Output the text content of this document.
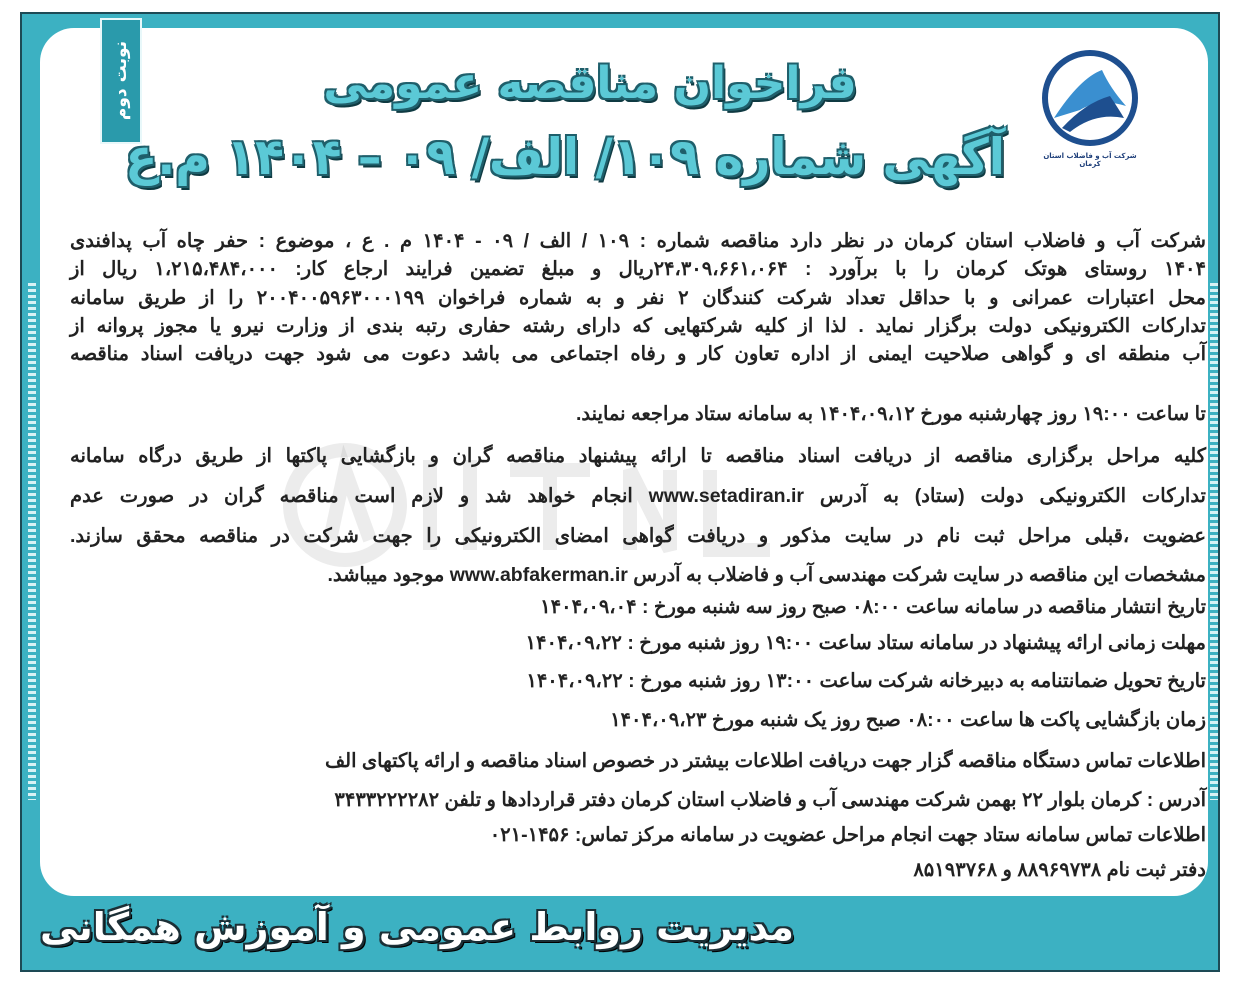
نوبت دوم
شرکت آب و فاضلاب استان کرمان
فراخوان مناقصه عمومی
آگهی شماره ۱۰۹/ الف/ ۰۹ – ۱۴۰۴ م.ع
شرکت آب و فاضلاب استان کرمان در نظر دارد مناقصه شماره : ۱۰۹ / الف / ۰۹ - ۱۴۰۴ م . ع ، موضوع : حفر چاه آب پدافندی
۱۴۰۴ روستای هوتک کرمان را با برآورد : ۲۴،۳۰۹،۶۶۱،۰۶۴ریال و مبلغ تضمین فرایند ارجاع کار: ۱،۲۱۵،۴۸۴،۰۰۰ ریال از
محل اعتبارات عمرانی و با حداقل تعداد شرکت کنندگان ۲ نفر و به شماره فراخوان ۲۰۰۴۰۰۵۹۶۳۰۰۰۱۹۹ را از طریق سامانه
تدارکات الکترونیکی دولت برگزار نماید . لذا از کلیه شرکتهایی که دارای رشته حفاری رتبه بندی از وزارت نیرو یا مجوز پروانه از
آب منطقه ای و گواهی صلاحیت ایمنی از اداره تعاون کار و رفاه اجتماعی می باشد دعوت می شود جهت دریافت اسناد مناقصه
تا ساعت ۱۹:۰۰ روز چهارشنبه مورخ ۱۴۰۴،۰۹،۱۲ به سامانه ستاد مراجعه نمایند.
کلیه مراحل برگزاری مناقصه از دریافت اسناد مناقصه تا ارائه پیشنهاد مناقصه گران و بازگشایی پاکتها از طریق درگاه سامانه
تدارکات الکترونیکی دولت (ستاد) به آدرس www.setadiran.ir انجام خواهد شد و لازم است مناقصه گران در صورت عدم
عضویت ،قبلی مراحل ثبت نام در سایت مذکور و دریافت گواهی امضای الکترونیکی را جهت شرکت در مناقصه محقق سازند.
مشخصات این مناقصه در سایت شرکت مهندسی آب و فاضلاب به آدرس www.abfakerman.ir موجود میباشد.
تاریخ انتشار مناقصه در سامانه ساعت ۰۸:۰۰ صبح روز سه شنبه مورخ : ۱۴۰۴،۰۹،۰۴
مهلت زمانی ارائه پیشنهاد در سامانه ستاد ساعت ۱۹:۰۰ روز شنبه مورخ : ۱۴۰۴،۰۹،۲۲
تاریخ تحویل ضمانتنامه به دبیرخانه شرکت ساعت ۱۳:۰۰ روز شنبه مورخ : ۱۴۰۴،۰۹،۲۲
زمان بازگشایی پاکت ها ساعت ۰۸:۰۰ صبح روز یک شنبه مورخ ۱۴۰۴،۰۹،۲۳
اطلاعات تماس دستگاه مناقصه گزار جهت دریافت اطلاعات بیشتر در خصوص اسناد مناقصه و ارائه پاکتهای الف
آدرس : کرمان بلوار ۲۲ بهمن شرکت مهندسی آب و فاضلاب استان کرمان دفتر قراردادها و تلفن ۳۴۳۳۲۲۲۲۸۲
اطلاعات تماس سامانه ستاد جهت انجام مراحل عضویت در سامانه مرکز تماس: ۱۴۵۶-۰۲۱
دفتر ثبت نام ۸۸۹۶۹۷۳۸ و ۸۵۱۹۳۷۶۸
مدیریت روابط عمومی و آموزش همگانی
